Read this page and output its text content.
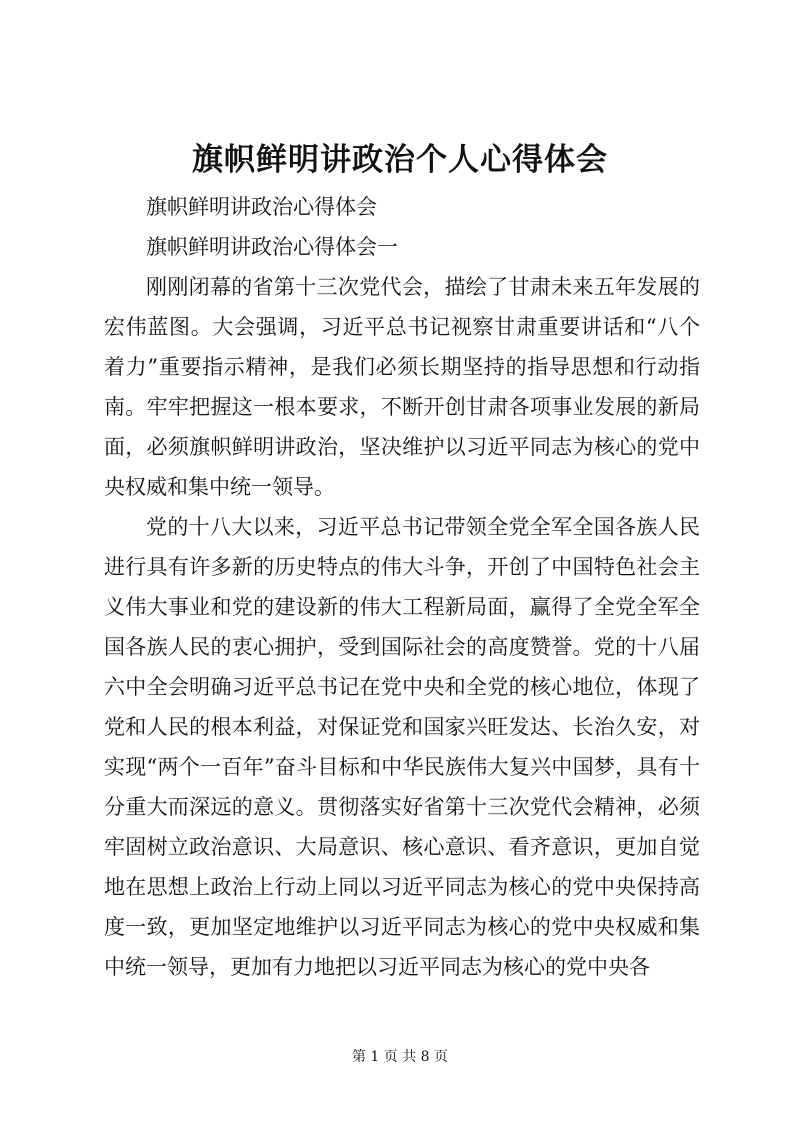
旗帜鲜明讲政治个人心得体会

旗帜鲜明讲政治心得体会

旗帜鲜明讲政治心得体会一

刚刚闭幕的省第十三次党代会，描绘了甘肃未来五年发展的宏伟蓝图。大会强调，习近平总书记视察甘肃重要讲话和“八个着力”重要指示精神，是我们必须长期坚持的指导思想和行动指南。牢牢把握这一根本要求，不断开创甘肃各项事业发展的新局面，必须旗帜鲜明讲政治，坚决维护以习近平同志为核心的党中央权威和集中统一领导。

党的十八大以来，习近平总书记带领全党全军全国各族人民进行具有许多新的历史特点的伟大斗争，开创了中国特色社会主义伟大事业和党的建设新的伟大工程新局面，赢得了全党全军全国各族人民的衷心拥护，受到国际社会的高度赞誉。党的十八届六中全会明确习近平总书记在党中央和全党的核心地位，体现了党和人民的根本利益，对保证党和国家兴旺发达、长治久安，对实现“两个一百年”奋斗目标和中华民族伟大复兴中国梦，具有十分重大而深远的意义。贯彻落实好省第十三次党代会精神，必须牢固树立政治意识、大局意识、核心意识、看齐意识，更加自觉地在思想上政治上行动上同以习近平同志为核心的党中央保持高度一致，更加坚定地维护以习近平同志为核心的党中央权威和集中统一领导，更加有力地把以习近平同志为核心的党中央各

第 1 页 共 8 页
